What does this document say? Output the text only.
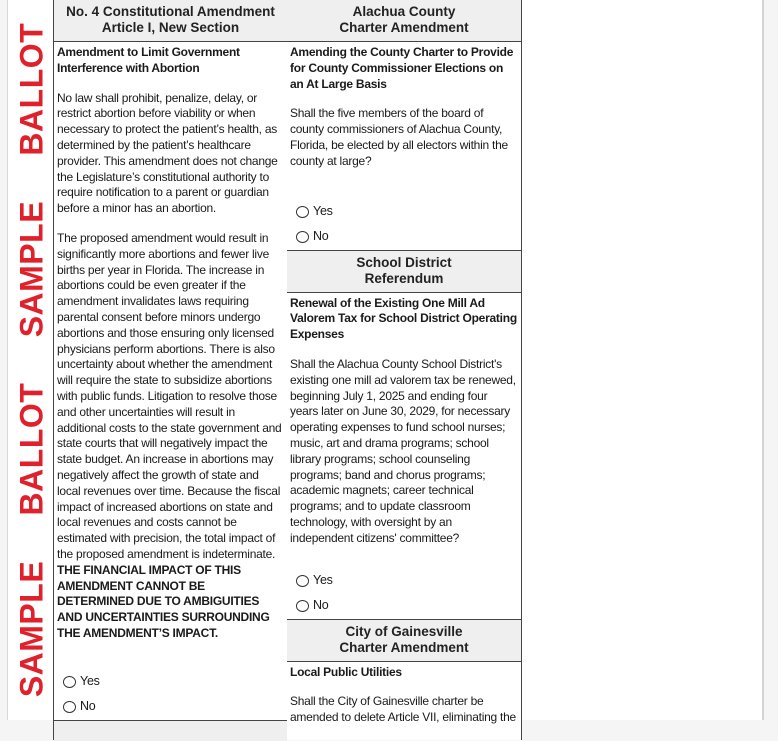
SAMPLE BALLOT SAMPLE BALLOT
No. 4 Constitutional Amendment
Article I, New Section

Amendment to Limit Government Interference with Abortion

No law shall prohibit, penalize, delay, or restrict abortion before viability or when necessary to protect the patient’s health, as determined by the patient’s healthcare provider. This amendment does not change the Legislature’s constitutional authority to require notification to a parent or guardian before a minor has an abortion.

The proposed amendment would result in significantly more abortions and fewer live births per year in Florida. The increase in abortions could be even greater if the amendment invalidates laws requiring parental consent before minors undergo abortions and those ensuring only licensed physicians perform abortions. There is also uncertainty about whether the amendment will require the state to subsidize abortions with public funds. Litigation to resolve those and other uncertainties will result in additional costs to the state government and state courts that will negatively impact the state budget. An increase in abortions may negatively affect the growth of state and local revenues over time. Because the fiscal impact of increased abortions on state and local revenues and costs cannot be estimated with precision, the total impact of the proposed amendment is indeterminate.

THE FINANCIAL IMPACT OF THIS AMENDMENT CANNOT BE DETERMINED DUE TO AMBIGUITIES AND UNCERTAINTIES SURROUNDING THE AMENDMENT’S IMPACT.

Yes
No
Alachua County
Charter Amendment

Amending the County Charter to Provide for County Commissioner Elections on an At Large Basis

Shall the five members of the board of county commissioners of Alachua County, Florida, be elected by all electors within the county at large?

Yes
No
School District
Referendum

Renewal of the Existing One Mill Ad Valorem Tax for School District Operating Expenses

Shall the Alachua County School District's existing one mill ad valorem tax be renewed, beginning July 1, 2025 and ending four years later on June 30, 2029, for necessary operating expenses to fund school nurses; music, art and drama programs; school library programs; school counseling programs; band and chorus programs; academic magnets; career technical programs; and to update classroom technology, with oversight by an independent citizens' committee?

Yes
No
City of Gainesville
Charter Amendment

Local Public Utilities

Shall the City of Gainesville charter be amended to delete Article VII, eliminating the
